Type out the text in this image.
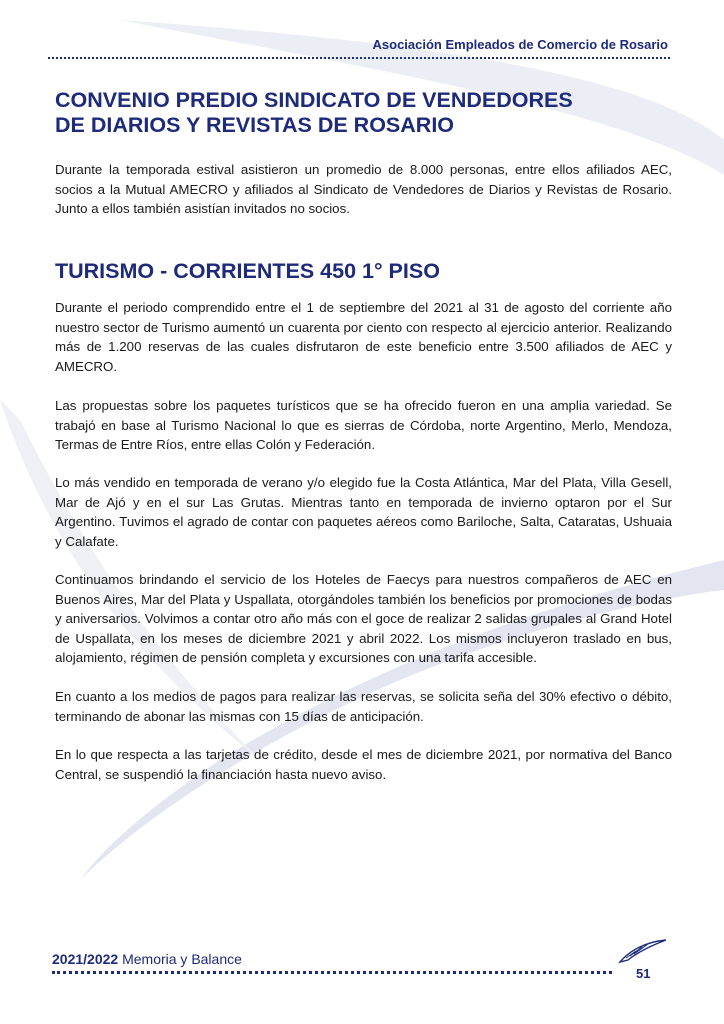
Asociación Empleados de Comercio de Rosario

CONVENIO PREDIO SINDICATO DE VENDEDORES

DE DIARIOS Y REVISTAS DE ROSARIO

Durante la temporada estival asistieron un promedio de 8.000 personas, entre ellos afiliados AEC, socios a la Mutual AMECRO y afiliados al Sindicato de Vendedores de Diarios y Revistas de Rosario. Junto a ellos también asistían invitados no socios.

TURISMO - CORRIENTES 450 1° PISO

Durante el periodo comprendido entre el 1 de septiembre del 2021 al 31 de agosto del corriente año nuestro sector de Turismo aumentó un cuarenta por ciento con respecto al ejercicio anterior. Realizando más de 1.200 reservas de las cuales disfrutaron de este beneficio entre 3.500 afiliados de AEC y AMECRO.

Las propuestas sobre los paquetes turísticos que se ha ofrecido fueron en una amplia variedad. Se trabajó en base al Turismo Nacional lo que es sierras de Córdoba, norte Argentino, Merlo, Mendoza, Termas de Entre Ríos, entre ellas Colón y Federación.

Lo más vendido en temporada de verano y/o elegido fue la Costa Atlántica, Mar del Plata, Villa Gesell, Mar de Ajó y en el sur Las Grutas. Mientras tanto en temporada de invierno optaron por el Sur Argentino. Tuvimos el agrado de contar con paquetes aéreos como Bariloche, Salta, Cataratas, Ushuaia y Calafate.

Continuamos brindando el servicio de los Hoteles de Faecys para nuestros compañeros de AEC en Buenos Aires, Mar del Plata y Uspallata, otorgándoles también los beneficios por promociones de bodas y aniversarios. Volvimos a contar otro año más con el goce de realizar 2 salidas grupales al Grand Hotel de Uspallata, en los meses de diciembre 2021 y abril 2022. Los mismos incluyeron traslado en bus, alojamiento, régimen de pensión completa y excursiones con una tarifa accesible.

En cuanto a los medios de pagos para realizar las reservas, se solicita seña del 30% efectivo o débito, terminando de abonar las mismas con 15 días de anticipación.

En lo que respecta a las tarjetas de crédito, desde el mes de diciembre 2021, por normativa del Banco Central, se suspendió la financiación hasta nuevo aviso.

2021/2022 Memoria y Balance
51
